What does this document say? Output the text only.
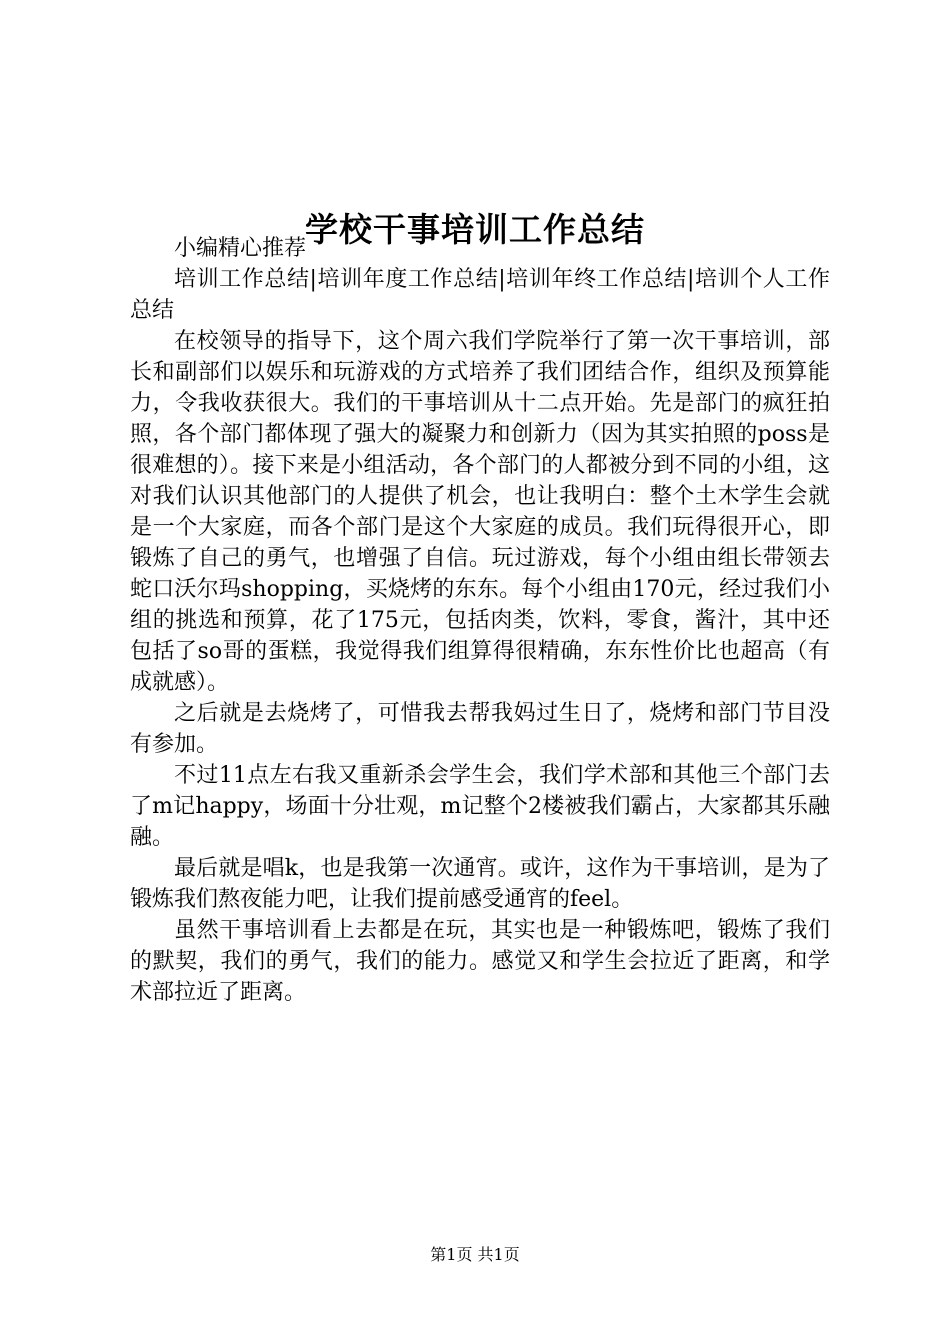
学校干事培训工作总结

小编精心推荐

培训工作总结|培训年度工作总结|培训年终工作总结|培训个人工作总结

在校领导的指导下，这个周六我们学院举行了第一次干事培训，部长和副部们以娱乐和玩游戏的方式培养了我们团结合作，组织及预算能力，令我收获很大。我们的干事培训从十二点开始。先是部门的疯狂拍照，各个部门都体现了强大的凝聚力和创新力（因为其实拍照的poss是很难想的）。接下来是小组活动，各个部门的人都被分到不同的小组，这对我们认识其他部门的人提供了机会，也让我明白：整个土木学生会就是一个大家庭，而各个部门是这个大家庭的成员。我们玩得很开心，即锻炼了自己的勇气，也增强了自信。玩过游戏，每个小组由组长带领去蛇口沃尔玛shopping，买烧烤的东东。每个小组由170元，经过我们小组的挑选和预算，花了175元，包括肉类，饮料，零食，酱汁，其中还包括了so哥的蛋糕，我觉得我们组算得很精确，东东性价比也超高（有成就感）。

之后就是去烧烤了，可惜我去帮我妈过生日了，烧烤和部门节目没有参加。

不过11点左右我又重新杀会学生会，我们学术部和其他三个部门去了m记happy，场面十分壮观，m记整个2楼被我们霸占，大家都其乐融融。

最后就是唱k，也是我第一次通宵。或许，这作为干事培训，是为了锻炼我们熬夜能力吧，让我们提前感受通宵的feel。

虽然干事培训看上去都是在玩，其实也是一种锻炼吧，锻炼了我们的默契，我们的勇气，我们的能力。感觉又和学生会拉近了距离，和学术部拉近了距离。

第1页 共1页
